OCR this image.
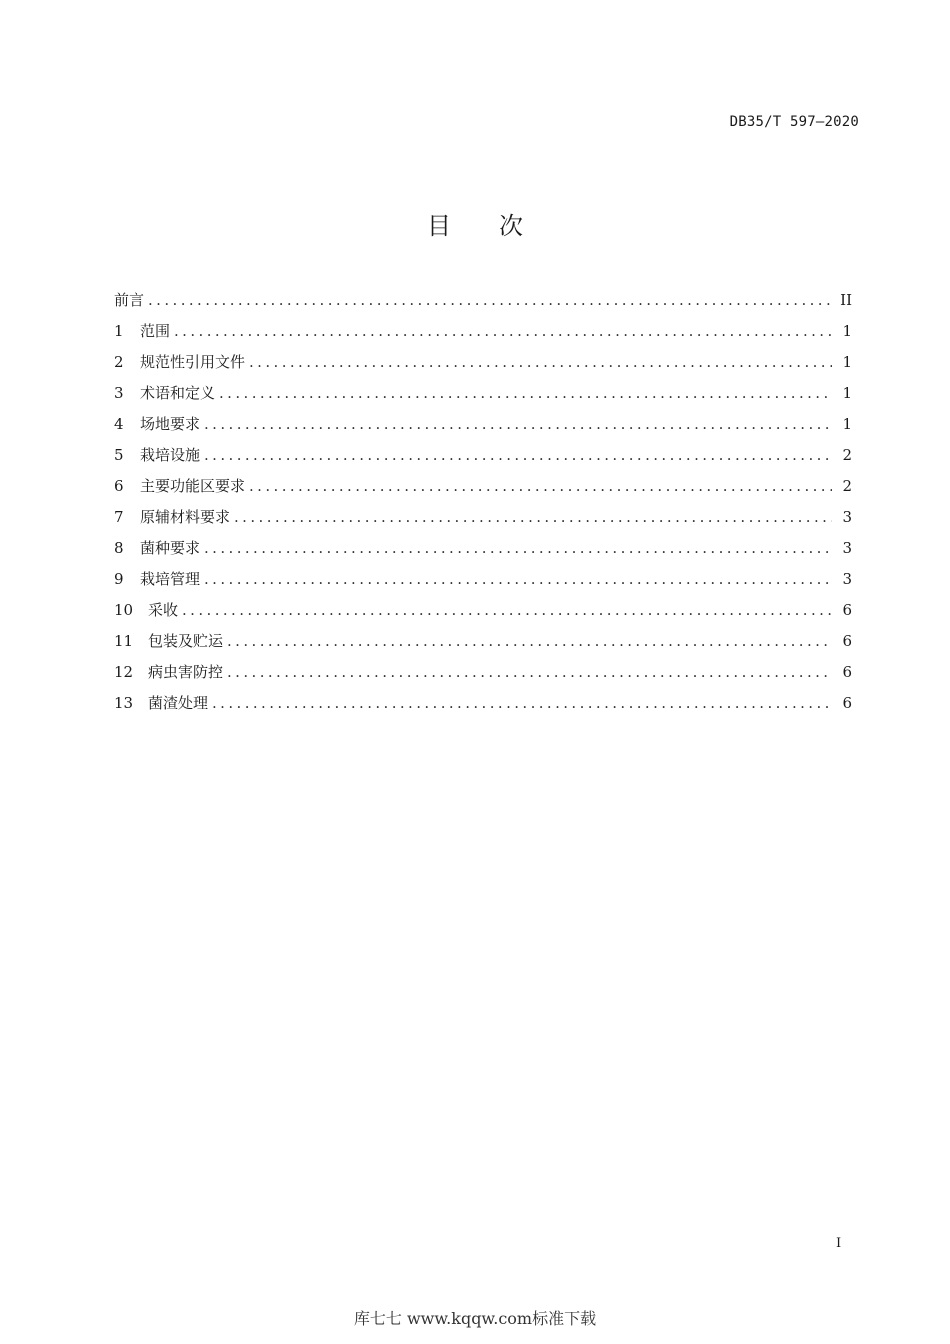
DB35/T 597—2020
目次
前言 .....	II
1	范围 .....	1
2	规范性引用文件 .....	1
3	术语和定义 .....	1
4	场地要求 .....	1
5	栽培设施 .....	2
6	主要功能区要求 .....	2
7	原辅材料要求 .....	3
8	菌种要求 .....	3
9	栽培管理 .....	3
10 采收 .....	6
11 包装及贮运 .....	6
12 病虫害防控 .....	6
13 菌渣处理 .....	6
I
库七七 www.kqqw.com标准下载
